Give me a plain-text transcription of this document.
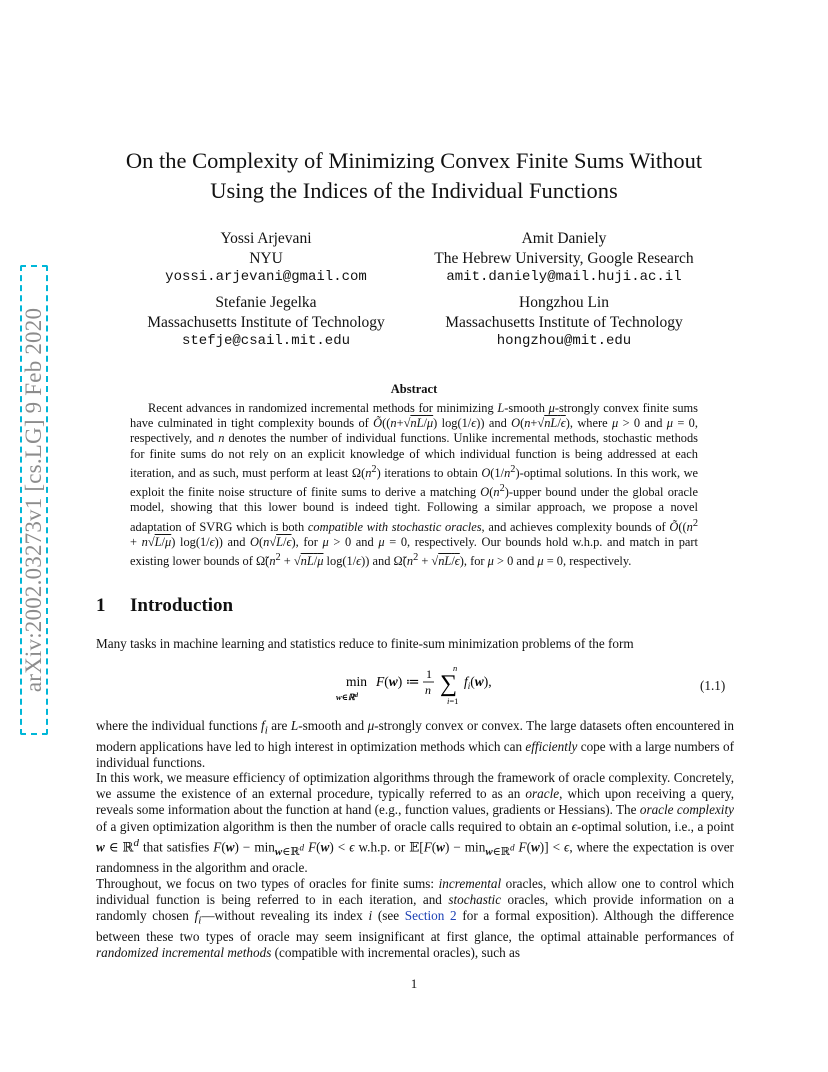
arXiv:2002.03273v1 [cs.LG] 9 Feb 2020
On the Complexity of Minimizing Convex Finite Sums Without
Using the Indices of the Individual Functions
Yossi Arjevani
NYU
yossi.arjevani@gmail.com
Amit Daniely
The Hebrew University, Google Research
amit.daniely@mail.huji.ac.il
Stefanie Jegelka
Massachusetts Institute of Technology
stefje@csail.mit.edu
Hongzhou Lin
Massachusetts Institute of Technology
hongzhou@mit.edu
Abstract

Recent advances in randomized incremental methods for minimizing L-smooth μ-strongly convex finite sums have culminated in tight complexity bounds of Õ((n+√nL/μ) log(1/ϵ)) and O(n+√nL/ϵ), where μ > 0 and μ = 0, respectively, and n denotes the number of individual functions. Unlike incremental methods, stochastic methods for finite sums do not rely on an explicit knowledge of which individual function is being addressed at each iteration, and as such, must perform at least $\Omega(n^2)$ iterations to obtain $O(1/n^2)$-optimal solutions. In this work, we exploit the finite noise structure of finite sums to derive a matching $O(n^2)$-upper bound under the global oracle model, showing that this lower bound is indeed tight. Following a similar approach, we propose a novel adaptation of SVRG which is both compatible with stochastic oracles, and achieves complexity bounds of $Õ((n^2 + n√L/\mu)$ log(1/ϵ)) and O(n√L/ϵ), for μ > 0 and μ = 0, respectively. Our bounds hold w.h.p. and match in part existing lower bounds of $\Omegã(n^2 + √nL/\mu$ log(1/ϵ)) and $\Omegã(n^2 + √nL/\epsilon)$, for μ > 0 and μ = 0, respectively.

1 Introduction

Many tasks in machine learning and statistics reduce to finite-sum minimization problems of the form

min
w∈ℝ$^d$
F(w) ≔ 1
n
n
∑
i=1
$f_i(w)$,	(1.1)

where the individual functions $f_i$ are L-smooth and μ-strongly convex or convex. The large datasets often encountered in modern applications have led to high interest in optimization methods which can efficiently cope with a large numbers of individual functions.

In this work, we measure efficiency of optimization algorithms through the framework of oracle complexity. Concretely, we assume the existence of an external procedure, typically referred to as an oracle, which upon receiving a query, reveals some information about the function at hand (e.g., function values, gradients or Hessians). The oracle complexity of a given optimization algorithm is then the number of oracle calls required to obtain an ϵ-optimal solution, i.e., a point w ∈ ℝ$^d$ that satisfies $F(w) - \min_{w\in ℝ^d} F(w) < \epsilon$ w.h.p. or 𝔼[F(w) − $\min_{w\in ℝ^d} F(w)] < \epsilon$, where the expectation is over randomness in the algorithm and oracle.

Throughout, we focus on two types of oracles for finite sums: incremental oracles, which allow one to control which individual function is being referred to in each iteration, and stochastic oracles, which provide information on a randomly chosen $f_i—without$ revealing its index i (see Section 2 for a formal exposition). Although the difference between these two types of oracle may seem insignificant at first glance, the optimal attainable performances of randomized incremental methods (compatible with incremental oracles), such as

1
